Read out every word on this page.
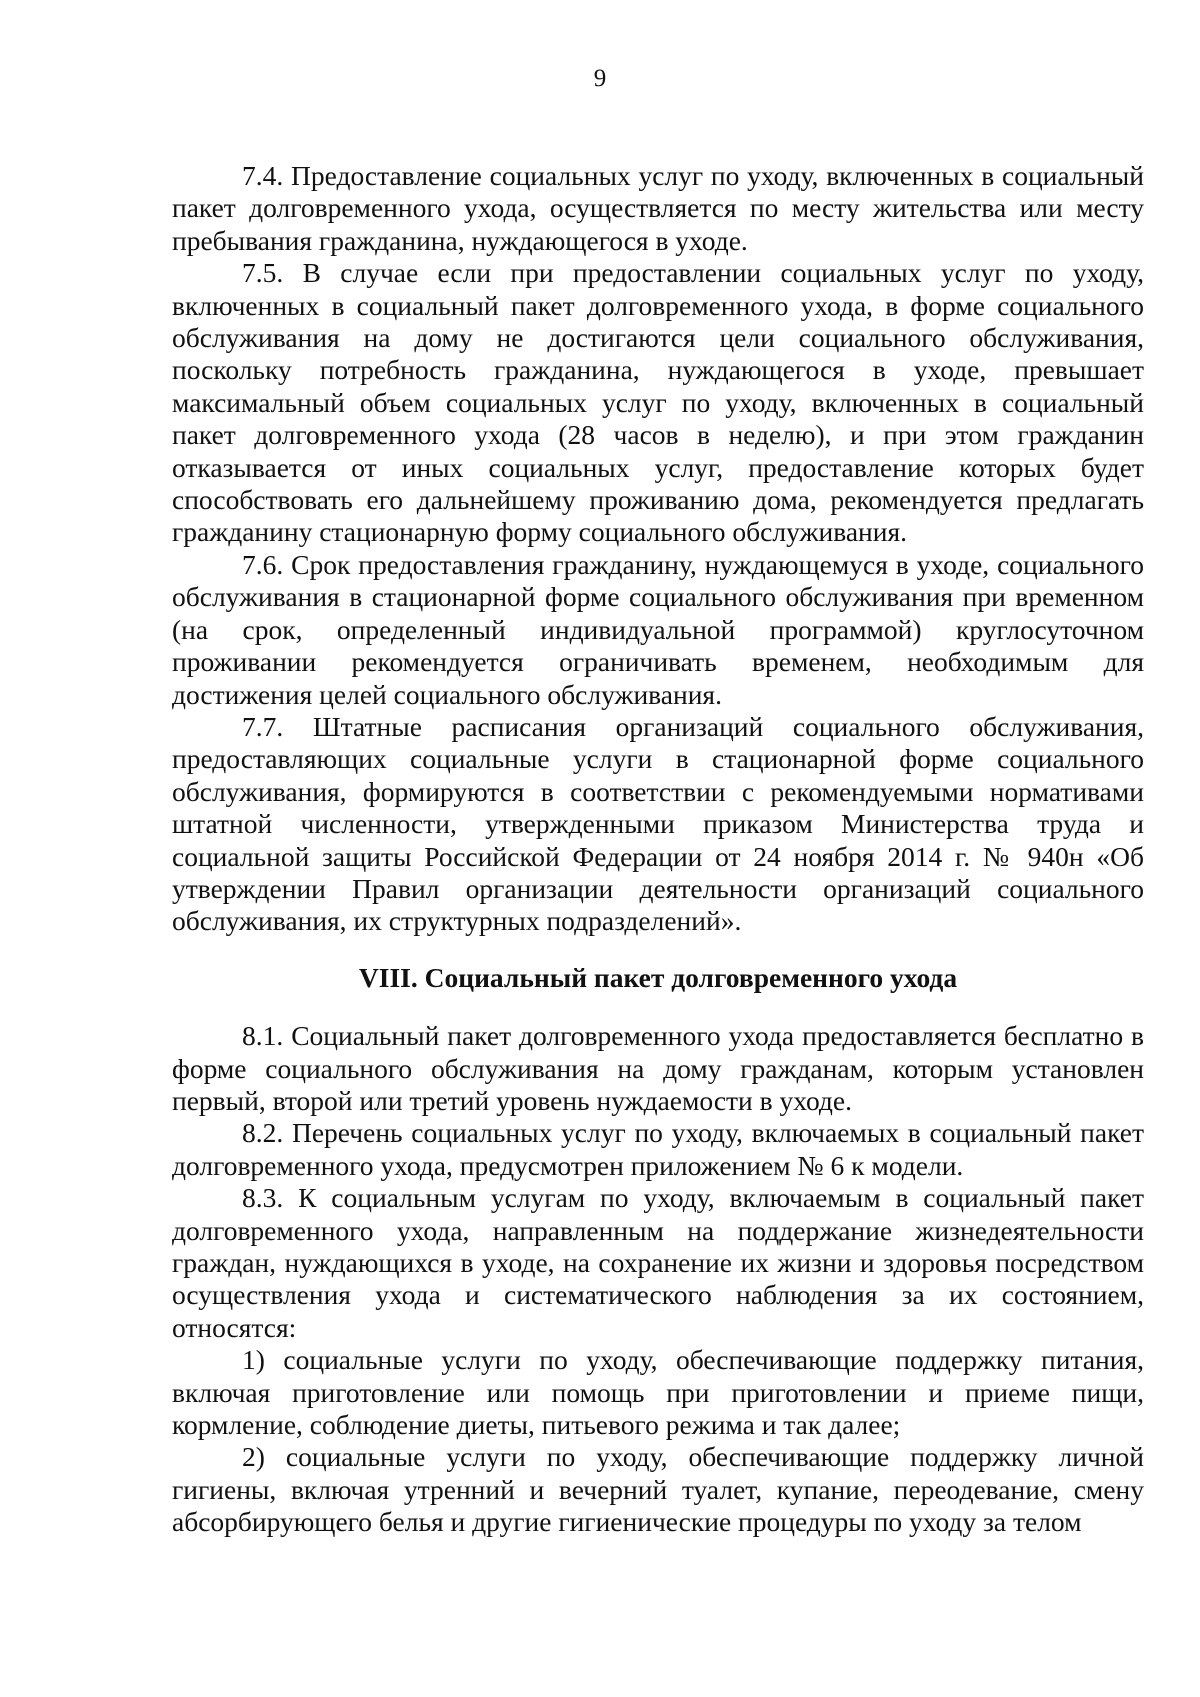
9

7.4. Предоставление социальных услуг по уходу, включенных в социальный пакет долговременного ухода, осуществляется по месту жительства или месту пребывания гражданина, нуждающегося в уходе.

7.5. В случае если при предоставлении социальных услуг по уходу, включенных в социальный пакет долговременного ухода, в форме социального обслуживания на дому не достигаются цели социального обслуживания, поскольку потребность гражданина, нуждающегося в уходе, превышает максимальный объем социальных услуг по уходу, включенных в социальный пакет долговременного ухода (28 часов в неделю), и при этом гражданин отказывается от иных социальных услуг, предоставление которых будет способствовать его дальнейшему проживанию дома, рекомендуется предлагать гражданину стационарную форму социального обслуживания.

7.6. Срок предоставления гражданину, нуждающемуся в уходе, социального обслуживания в стационарной форме социального обслуживания при временном (на срок, определенный индивидуальной программой) круглосуточном проживании рекомендуется ограничивать временем, необходимым для достижения целей социального обслуживания.

7.7. Штатные расписания организаций социального обслуживания, предоставляющих социальные услуги в стационарной форме социального обслуживания, формируются в соответствии с рекомендуемыми нормативами штатной численности, утвержденными приказом Министерства труда и социальной защиты Российской Федерации от 24 ноября 2014 г. № 940н «Об утверждении Правил организации деятельности организаций социального обслуживания, их структурных подразделений».

VIII. Социальный пакет долговременного ухода

8.1. Социальный пакет долговременного ухода предоставляется бесплатно в форме социального обслуживания на дому гражданам, которым установлен первый, второй или третий уровень нуждаемости в уходе.

8.2. Перечень социальных услуг по уходу, включаемых в социальный пакет долговременного ухода, предусмотрен приложением № 6 к модели.

8.3. К социальным услугам по уходу, включаемым в социальный пакет долговременного ухода, направленным на поддержание жизнедеятельности граждан, нуждающихся в уходе, на сохранение их жизни и здоровья посредством осуществления ухода и систематического наблюдения за их состоянием, относятся:

1) социальные услуги по уходу, обеспечивающие поддержку питания, включая приготовление или помощь при приготовлении и приеме пищи, кормление, соблюдение диеты, питьевого режима и так далее;

2) социальные услуги по уходу, обеспечивающие поддержку личной гигиены, включая утренний и вечерний туалет, купание, переодевание, смену абсорбирующего белья и другие гигиенические процедуры по уходу за телом
